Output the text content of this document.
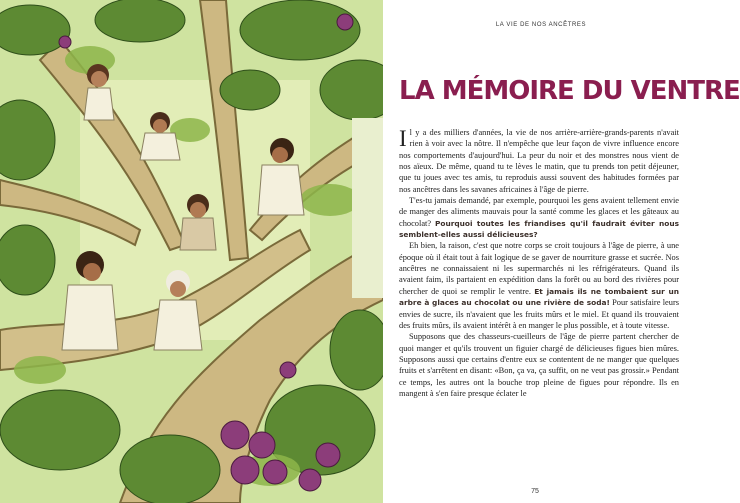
LA VIE DE NOS ANCÊTRES
LA MÉMOIRE DU VENTRE

Il y a des milliers d'années, la vie de nos arrière-arrière-grands-parents n'avait rien à voir avec la nôtre. Il n'empêche que leur façon de vivre influence encore nos comportements d'aujourd'hui. La peur du noir et des monstres nous vient de nos aïeux. De même, quand tu te lèves le matin, que tu prends ton petit déjeuner, que tu joues avec tes amis, tu reproduis aussi souvent des habitudes formées par nos ancêtres dans les savanes africaines à l'âge de pierre.

T'es-tu jamais demandé, par exemple, pourquoi les gens avaient tellement envie de manger des aliments mauvais pour la santé comme les glaces et les gâteaux au chocolat? Pourquoi toutes les friandises qu'il faudrait éviter nous semblent-elles aussi délicieuses?

Eh bien, la raison, c'est que notre corps se croit toujours à l'âge de pierre, à une époque où il était tout à fait logique de se gaver de nourriture grasse et sucrée. Nos ancêtres ne connaissaient ni les supermarchés ni les réfrigérateurs. Quand ils avaient faim, ils partaient en expédition dans la forêt ou au bord des rivières pour chercher de quoi se remplir le ventre. Et jamais ils ne tombaient sur un arbre à glaces au chocolat ou une rivière de soda! Pour satisfaire leurs envies de sucre, ils n'avaient que les fruits mûrs et le miel. Et quand ils trouvaient des fruits mûrs, ils avaient intérêt à en manger le plus possible, et à toute vitesse.

Supposons que des chasseurs-cueilleurs de l'âge de pierre partent chercher de quoi manger et qu'ils trouvent un figuier chargé de délicieuses figues bien mûres. Supposons aussi que certains d'entre eux se contentent de ne manger que quelques fruits et s'arrêtent en disant: «Bon, ça va, ça suffit, on ne veut pas grossir.» Pendant ce temps, les autres ont la bouche trop pleine de figues pour répondre. Ils en mangent à s'en faire presque éclater le

75
